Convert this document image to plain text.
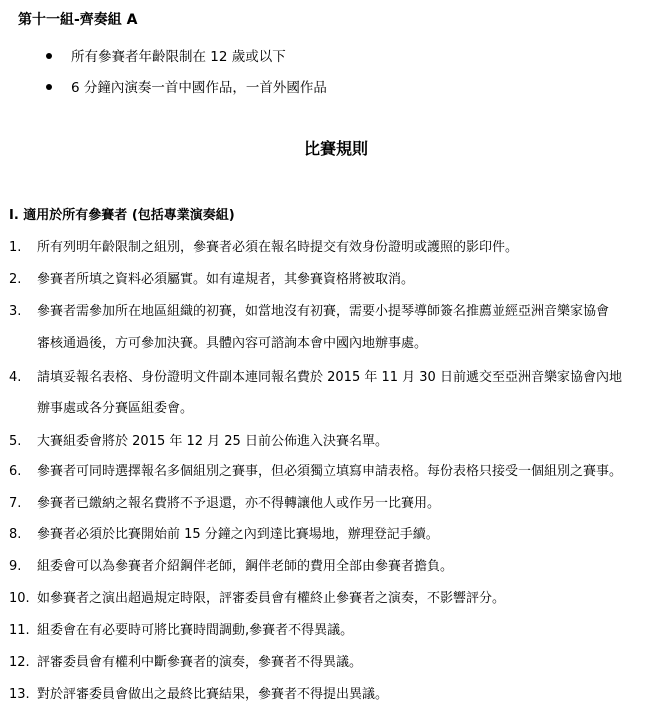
第十一組-齊奏組 A
所有參賽者年齡限制在 12 歲或以下
6 分鐘內演奏一首中國作品，一首外國作品
比賽規則
I. 適用於所有參賽者 (包括專業演奏組)
1. 所有列明年齡限制之組別，參賽者必須在報名時提交有效身份證明或護照的影印件。
2. 參賽者所填之資料必須屬實。如有違規者，其參賽資格將被取消。
3. 參賽者需參加所在地區組織的初賽，如當地沒有初賽，需要小提琴導師簽名推薦並經亞洲音樂家協會
審核通過後，方可參加決賽。具體內容可諮詢本會中國內地辦事處。
4. 請填妥報名表格、身份證明文件副本連同報名費於 2015 年 11 月 30 日前遞交至亞洲音樂家協會內地
辦事處或各分賽區組委會。
5. 大賽組委會將於 2015 年 12 月 25 日前公佈進入決賽名單。
6. 參賽者可同時選擇報名多個組別之賽事，但必須獨立填寫申請表格。每份表格只接受一個組別之賽事。
7. 參賽者已繳納之報名費將不予退還，亦不得轉讓他人或作另一比賽用。
8. 參賽者必須於比賽開始前 15 分鐘之內到達比賽場地，辦理登記手續。
9. 組委會可以為參賽者介紹鋼伴老師，鋼伴老師的費用全部由參賽者擔負。
10. 如參賽者之演出超過規定時限，評審委員會有權終止參賽者之演奏，不影響評分。
11. 組委會在有必要時可將比賽時間調動,參賽者不得異議。
12. 評審委員會有權利中斷參賽者的演奏，參賽者不得異議。
13. 對於評審委員會做出之最終比賽結果，參賽者不得提出異議。
